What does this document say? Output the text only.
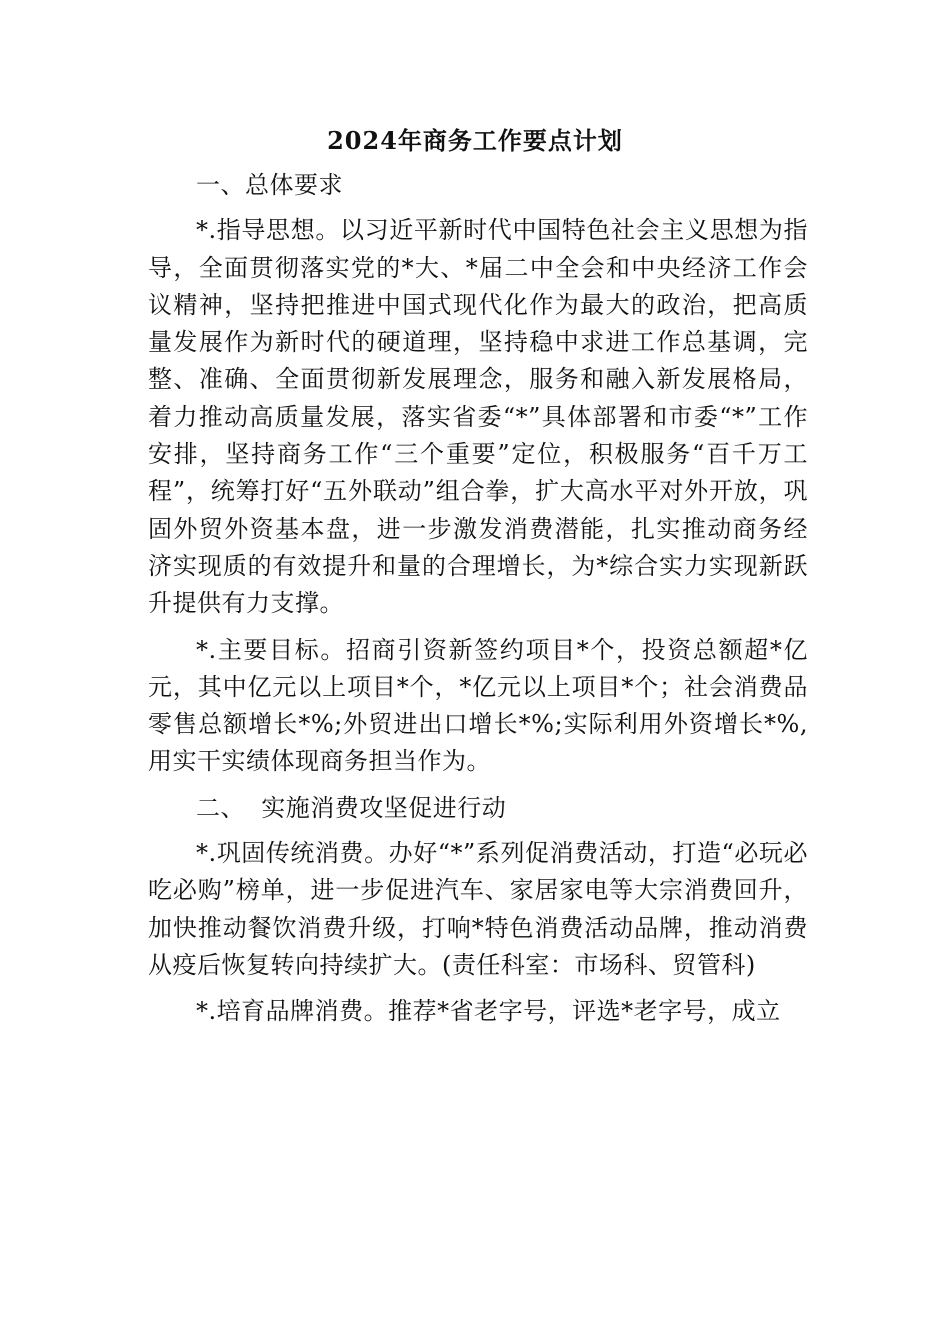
2024年商务工作要点计划
一、总体要求

*.指导思想。以习近平新时代中国特色社会主义思想为指导，全面贯彻落实党的*大、*届二中全会和中央经济工作会议精神，坚持把推进中国式现代化作为最大的政治，把高质量发展作为新时代的硬道理，坚持稳中求进工作总基调，完整、准确、全面贯彻新发展理念，服务和融入新发展格局，着力推动高质量发展，落实省委“*”具体部署和市委“*”工作安排，坚持商务工作“三个重要”定位，积极服务“百千万工程”，统筹打好“五外联动”组合拳，扩大高水平对外开放，巩固外贸外资基本盘，进一步激发消费潜能，扎实推动商务经济实现质的有效提升和量的合理增长，为*综合实力实现新跃升提供有力支撑。

*.主要目标。招商引资新签约项目*个，投资总额超*亿元，其中亿元以上项目*个，*亿元以上项目*个；社会消费品零售总额增长*%;外贸进出口增长*%;实际利用外资增长*%,用实干实绩体现商务担当作为。

二、  实施消费攻坚促进行动

*.巩固传统消费。办好“*”系列促消费活动，打造“必玩必吃必购”榜单，进一步促进汽车、家居家电等大宗消费回升，加快推动餐饮消费升级，打响*特色消费活动品牌，推动消费从疫后恢复转向持续扩大。(责任科室：市场科、贸管科)

*.培育品牌消费。推荐*省老字号，评选*老字号，成立
